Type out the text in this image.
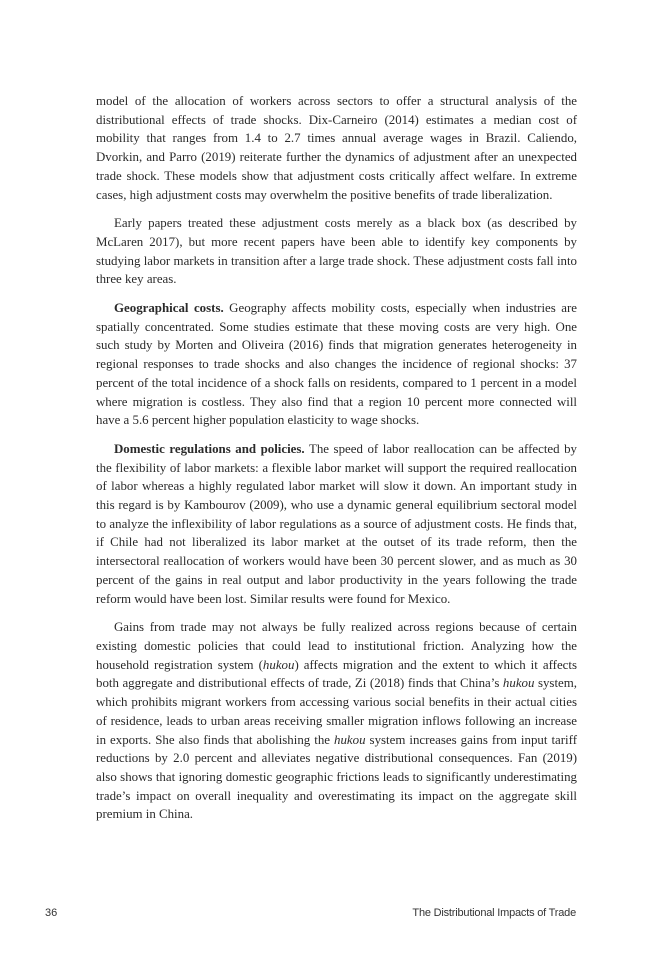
model of the allocation of workers across sectors to offer a structural analysis of the distributional effects of trade shocks. Dix-Carneiro (2014) estimates a median cost of mobility that ranges from 1.4 to 2.7 times annual average wages in Brazil. Caliendo, Dvorkin, and Parro (2019) reiterate further the dynamics of adjustment after an unexpected trade shock. These models show that adjustment costs critically affect welfare. In extreme cases, high adjustment costs may overwhelm the positive benefits of trade liberalization.

Early papers treated these adjustment costs merely as a black box (as described by McLaren 2017), but more recent papers have been able to identify key components by studying labor markets in transition after a large trade shock. These adjustment costs fall into three key areas.

Geographical costs. Geography affects mobility costs, especially when industries are spatially concentrated. Some studies estimate that these moving costs are very high. One such study by Morten and Oliveira (2016) finds that migration generates heterogeneity in regional responses to trade shocks and also changes the incidence of regional shocks: 37 percent of the total incidence of a shock falls on residents, compared to 1 percent in a model where migration is costless. They also find that a region 10 percent more connected will have a 5.6 percent higher population elasticity to wage shocks.

Domestic regulations and policies. The speed of labor reallocation can be affected by the flexibility of labor markets: a flexible labor market will support the required reallocation of labor whereas a highly regulated labor market will slow it down. An important study in this regard is by Kambourov (2009), who use a dynamic general equilibrium sectoral model to analyze the inflexibility of labor regulations as a source of adjustment costs. He finds that, if Chile had not liberalized its labor market at the outset of its trade reform, then the intersectoral reallocation of workers would have been 30 percent slower, and as much as 30 percent of the gains in real output and labor productivity in the years following the trade reform would have been lost. Similar results were found for Mexico.

Gains from trade may not always be fully realized across regions because of certain existing domestic policies that could lead to institutional friction. Analyzing how the household registration system (hukou) affects migration and the extent to which it affects both aggregate and distributional effects of trade, Zi (2018) finds that China’s hukou system, which prohibits migrant workers from accessing various social benefits in their actual cities of residence, leads to urban areas receiving smaller migration inflows following an increase in exports. She also finds that abolishing the hukou system increases gains from input tariff reductions by 2.0 percent and alleviates negative distributional consequences. Fan (2019) also shows that ignoring domestic geographic frictions leads to significantly underestimating trade’s impact on overall inequality and overestimating its impact on the aggregate skill premium in China.

36	The Distributional Impacts of Trade
